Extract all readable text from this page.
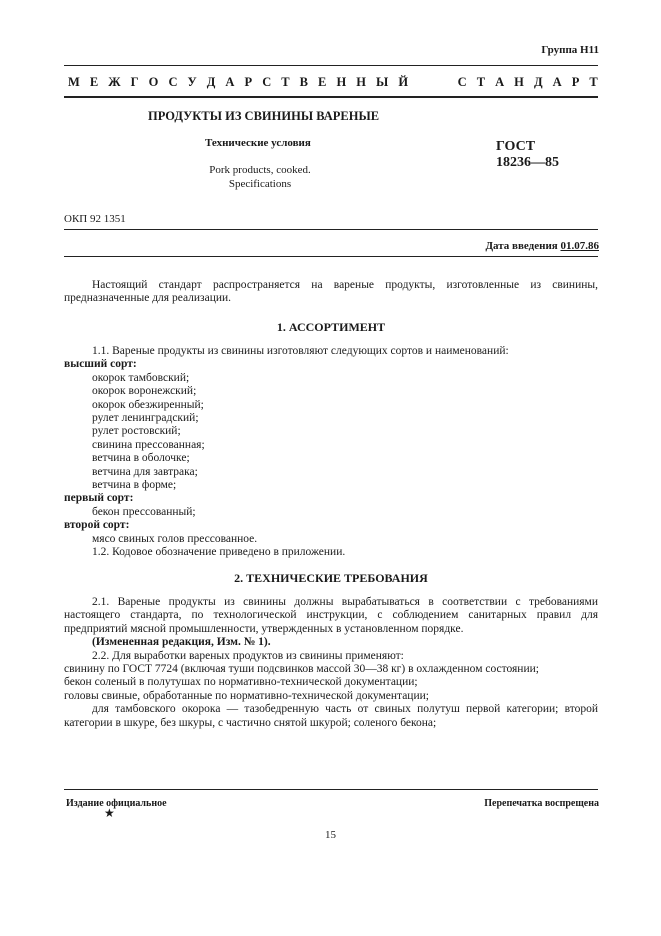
Группа Н11
М Е Ж Г О С У Д А Р С Т В Е Н Н Ы Й

	С Т А Н Д А Р Т
ПРОДУКТЫ ИЗ СВИНИНЫ ВАРЕНЫЕ
Технические условия
Pork products, cooked.
Specifications
ГОСТ
18236—85
ОКП 92 1351
Дата введения 01.07.86
Настоящий стандарт распространяется на вареные продукты, изготовленные из свинины, предназначенные для реализации.
1. АССОРТИМЕНТ
1.1. Вареные продукты из свинины изготовляют следующих сортов и наименований:
высший сорт:
окорок тамбовский;
окорок воронежский;
окорок обезжиренный;
рулет ленинградский;
рулет ростовский;
свинина прессованная;
ветчина в оболочке;
ветчина для завтрака;
ветчина в форме;
первый сорт:
бекон прессованный;
второй сорт:
мясо свиных голов прессованное.
1.2. Кодовое обозначение приведено в приложении.
2. ТЕХНИЧЕСКИЕ ТРЕБОВАНИЯ
2.1. Вареные продукты из свинины должны вырабатываться в соответствии с требованиями настоящего стандарта, по технологической инструкции, с соблюдением санитарных правил для предприятий мясной промышленности, утвержденных в установленном порядке.
(Измененная редакция, Изм. № 1).
2.2. Для выработки вареных продуктов из свинины применяют:
свинину по ГОСТ 7724 (включая туши подсвинков массой 30—38 кг) в охлажденном состоянии;
бекон соленый в полутушах по нормативно-технической документации;
головы свиные, обработанные по нормативно-технической документации;
для тамбовского окорока — тазобедренную часть от свиных полутуш первой категории; второй категории в шкуре, без шкуры, с частично снятой шкурой; соленого бекона;
Издание официальное
★
Перепечатка воспрещена
15
